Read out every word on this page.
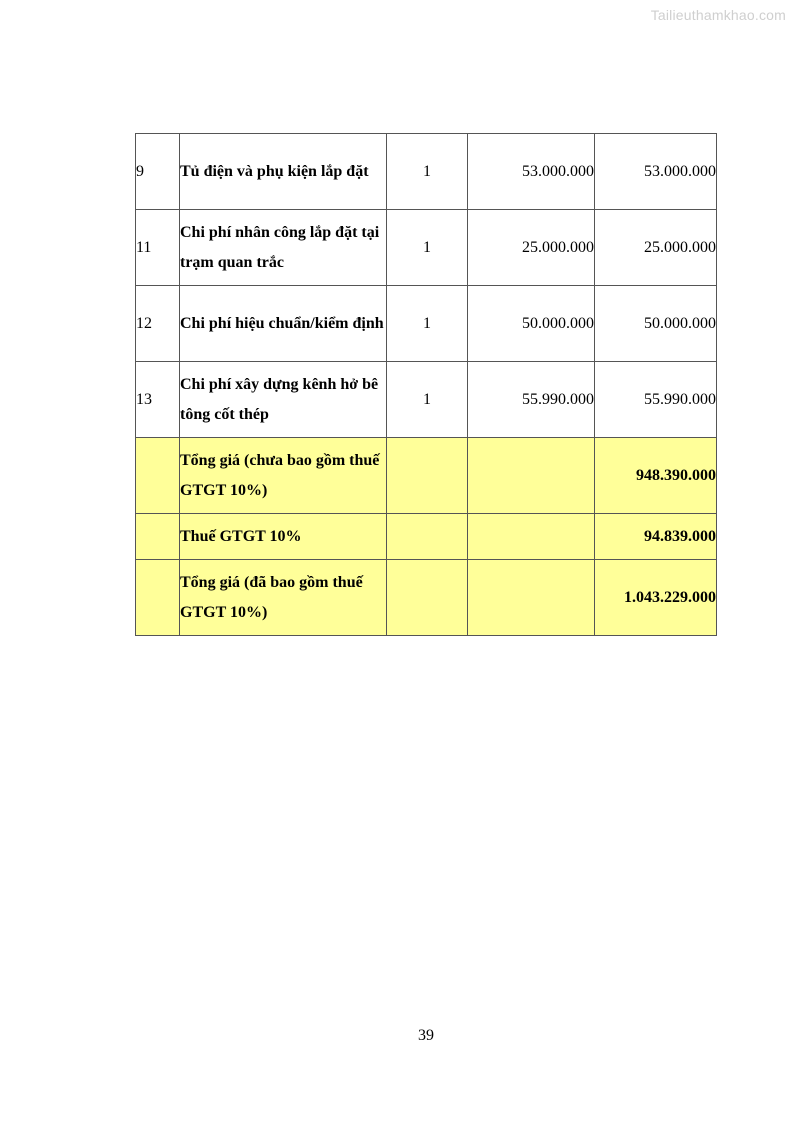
Tailieuthamkhao.com
9	Tủ điện và phụ kiện lắp đặt	1	53.000.000	53.000.000
11	Chi phí nhân công lắp đặt tại trạm quan trắc	1	25.000.000	25.000.000
12	Chi phí hiệu chuẩn/kiểm định	1	50.000.000	50.000.000
13	Chi phí xây dựng kênh hở bê tông cốt thép	1	55.990.000	55.990.000
	Tổng giá (chưa bao gồm thuế GTGT 10%)			948.390.000
	Thuế GTGT 10%			94.839.000
	Tổng giá (đã bao gồm thuế GTGT 10%)			1.043.229.000
39
